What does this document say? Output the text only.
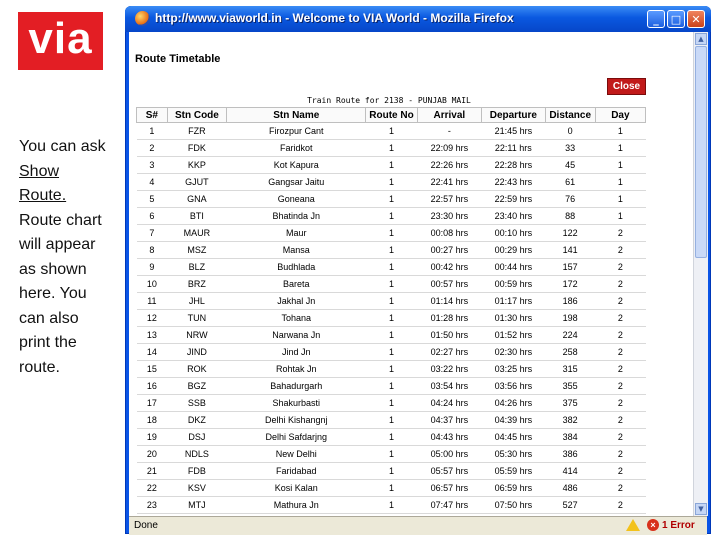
via
You can ask
Show
Route.
Route chart
will appear
as shown
here. You
can also
print the
route.
http://www.viaworld.in - Welcome to VIA World - Mozilla Firefox	_ □ ✕
Route Timetable
Close
Train Route for 2138 - PUNJAB MAIL
S#	Stn Code	Stn Name	Route No	Arrival	Departure	Distance	Day
1	FZR	Firozpur Cant	1	-	21:45 hrs	0	1
2	FDK	Faridkot	1	22:09 hrs	22:11 hrs	33	1
3	KKP	Kot Kapura	1	22:26 hrs	22:28 hrs	45	1
4	GJUT	Gangsar Jaitu	1	22:41 hrs	22:43 hrs	61	1
5	GNA	Goneana	1	22:57 hrs	22:59 hrs	76	1
6	BTI	Bhatinda Jn	1	23:30 hrs	23:40 hrs	88	1
7	MAUR	Maur	1	00:08 hrs	00:10 hrs	122	2
8	MSZ	Mansa	1	00:27 hrs	00:29 hrs	141	2
9	BLZ	Budhlada	1	00:42 hrs	00:44 hrs	157	2
10	BRZ	Bareta	1	00:57 hrs	00:59 hrs	172	2
11	JHL	Jakhal Jn	1	01:14 hrs	01:17 hrs	186	2
12	TUN	Tohana	1	01:28 hrs	01:30 hrs	198	2
13	NRW	Narwana Jn	1	01:50 hrs	01:52 hrs	224	2
14	JIND	Jind Jn	1	02:27 hrs	02:30 hrs	258	2
15	ROK	Rohtak Jn	1	03:22 hrs	03:25 hrs	315	2
16	BGZ	Bahadurgarh	1	03:54 hrs	03:56 hrs	355	2
17	SSB	Shakurbasti	1	04:24 hrs	04:26 hrs	375	2
18	DKZ	Delhi Kishangnj	1	04:37 hrs	04:39 hrs	382	2
19	DSJ	Delhi Safdarjng	1	04:43 hrs	04:45 hrs	384	2
20	NDLS	New Delhi	1	05:00 hrs	05:30 hrs	386	2
21	FDB	Faridabad	1	05:57 hrs	05:59 hrs	414	2
22	KSV	Kosi Kalan	1	06:57 hrs	06:59 hrs	486	2
23	MTJ	Mathura Jn	1	07:47 hrs	07:50 hrs	527	2
▲
▼
Done	× 1 Error
